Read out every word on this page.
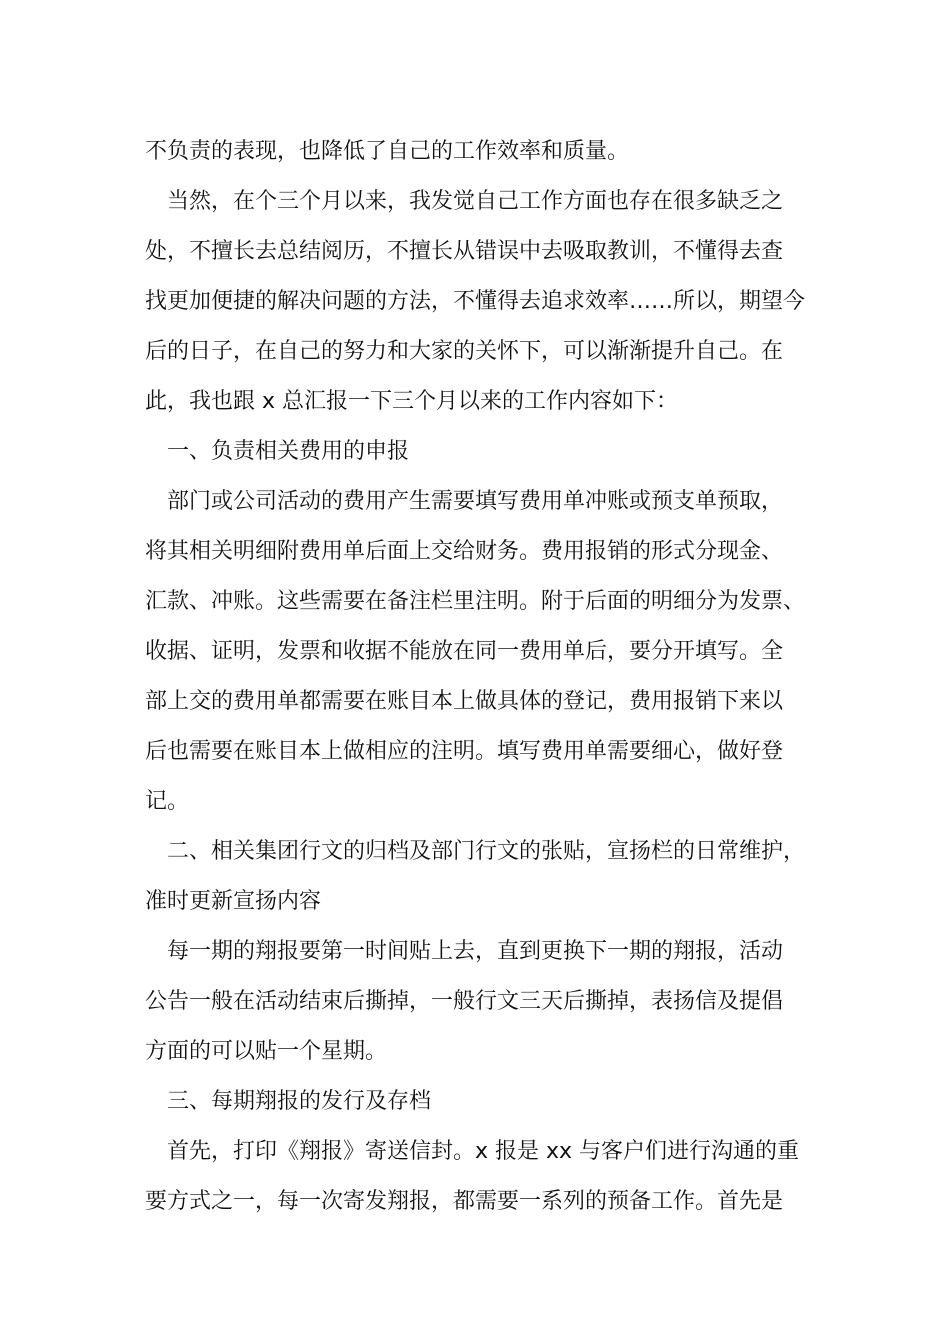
不负责的表现，也降低了自己的工作效率和质量。
当然，在个三个月以来，我发觉自己工作方面也存在很多缺乏之
处，不擅长去总结阅历，不擅长从错误中去吸取教训，不懂得去查
找更加便捷的解决问题的方法，不懂得去追求效率……所以，期望今
后的日子，在自己的努力和大家的关怀下，可以渐渐提升自己。在
此，我也跟 x 总汇报一下三个月以来的工作内容如下：
一、负责相关费用的申报
部门或公司活动的费用产生需要填写费用单冲账或预支单预取，
将其相关明细附费用单后面上交给财务。费用报销的形式分现金、
汇款、冲账。这些需要在备注栏里注明。附于后面的明细分为发票、
收据、证明，发票和收据不能放在同一费用单后，要分开填写。全
部上交的费用单都需要在账目本上做具体的登记，费用报销下来以
后也需要在账目本上做相应的注明。填写费用单需要细心，做好登
记。
二、相关集团行文的归档及部门行文的张贴，宣扬栏的日常维护，
准时更新宣扬内容
每一期的翔报要第一时间贴上去，直到更换下一期的翔报，活动
公告一般在活动结束后撕掉，一般行文三天后撕掉，表扬信及提倡
方面的可以贴一个星期。
三、每期翔报的发行及存档
首先，打印《翔报》寄送信封。x 报是 xx 与客户们进行沟通的重
要方式之一，每一次寄发翔报，都需要一系列的预备工作。首先是
